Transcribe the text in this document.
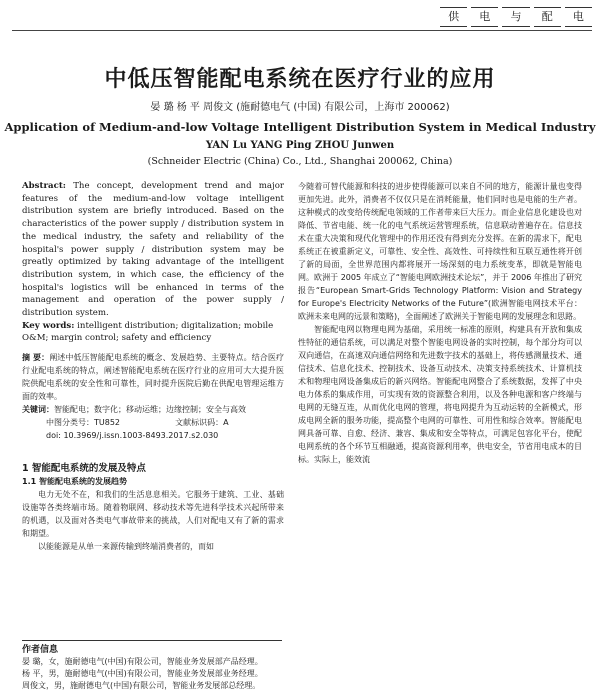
供	电	与	配	电
中低压智能配电系统在医疗行业的应用
晏 璐 杨 平 周俊文 (施耐德电气 (中国) 有限公司，上海市 200062)
Application of Medium-and-low Voltage Intelligent Distribution System in Medical Industry
YAN Lu YANG Ping ZHOU Junwen
(Schneider Electric (China) Co., Ltd., Shanghai 200062, China)
Abstract: The concept, development trend and major features of the medium-and-low voltage intelligent distribution system are briefly introduced. Based on the characteristics of the power supply / distribution system in the medical industry, the safety and reliability of the hospital's power supply / distribution system may be greatly optimized by taking advantage of the intelligent distribution system, in which case, the efficiency of the hospital's logistics will be enhanced in terms of the management and operation of the power supply / distribution system.
Key words: intelligent distribution; digitalization; mobile O&M; margin control; safety and efficiency
摘 要：阐述中低压智能配电系统的概念、发展趋势、主要特点。结合医疗行业配电系统的特点，阐述智能配电系统在医疗行业的应用可大大提升医院供配电系统的安全性和可靠性，同时提升医院后勤在供配电管理运维方面的效率。
关键词：智能配电；数字化；移动运维；边缘控制；安全与高效
中图分类号：TU852	文献标识码：A
doi: 10.3969/j.issn.1003-8493.2017.s2.030
1 智能配电系统的发展及特点
1.1 智能配电系统的发展趋势
电力无处不在，和我们的生活息息相关。它服务于建筑、工业、基础设施等各类终端市场。随着物联网、移动技术等先进科学技术兴起所带来的机遇，以及面对各类电气事故带来的挑战，人们对配电又有了新的需求和期望。
以能能源是从单一来源传输到终端消费者的，而如
今随着可替代能源和科技的进步使得能源可以来自不同的地方，能源计量也变得更加先进。此外，消费者不仅仅只是在消耗能量，他们同时也是电能的生产者。这种模式的改变给传统配电领域的工作者带来巨大压力。而企业信息化建设也对降低、节省电能、统一化的电气系统运营管理系统，信息联动普遍存在。信息技术在重大决策和现代化管理中的作用还没有得到充分发挥。在新的需求下，配电系统正在被重新定义，可靠性、安全性、高效性、可持续性和互联互通性将开创了新的局面，全世界范围内都将展开一场深刻的电力系统变革，即就是智能电网。欧洲于 2005 年成立了“智能电网欧洲技术论坛”，并于 2006 年推出了研究报告“European Smart-Grids Technology Platform: Vision and Strategy for Europe's Electricity Networks of the Future”(欧洲智能电网技术平台：欧洲未来电网的远景和策略)，全面阐述了欧洲关于智能电网的发展理念和思路。
智能配电网以物理电网为基础，采用统一标准的原则，构建具有开放和集成性特征的通信系统，可以满足对整个智能电网设备的实时控制，每个部分均可以双向通信，在高速双向通信网络和先进数字技术的基础上，将传感测量技术、通信技术、信息化技术、控制技术、设备互动技术、决策支持系统技术、计算机技术和物理电网设备集成后的新兴网络。智能配电网整合了系统数据，发挥了中央电力体系的集成作用，可实现有效的资源整合利用，以及各种电源和客户终端与电网的无缝互连，从而优化电网的管理，将电网提升为互动运转的全新模式，形成电网全新的服务功能，提高整个电网的可靠性、可用性和综合效率。智能配电网具备可靠、自愈、经济、兼容、集成和安全等特点，可满足包容化平台，使配电网系统的各个环节互相融通，提高资源利用率，供电安全，节省用电成本的目标。实际上，能效流
作者信息
晏 璐，女，施耐德电气(中国)有限公司，智能业务发展部产品经理。
杨 平，男，施耐德电气(中国)有限公司，智能业务发展部业务经理。
周俊文，男，施耐德电气(中国)有限公司，智能业务发展部总经理。
